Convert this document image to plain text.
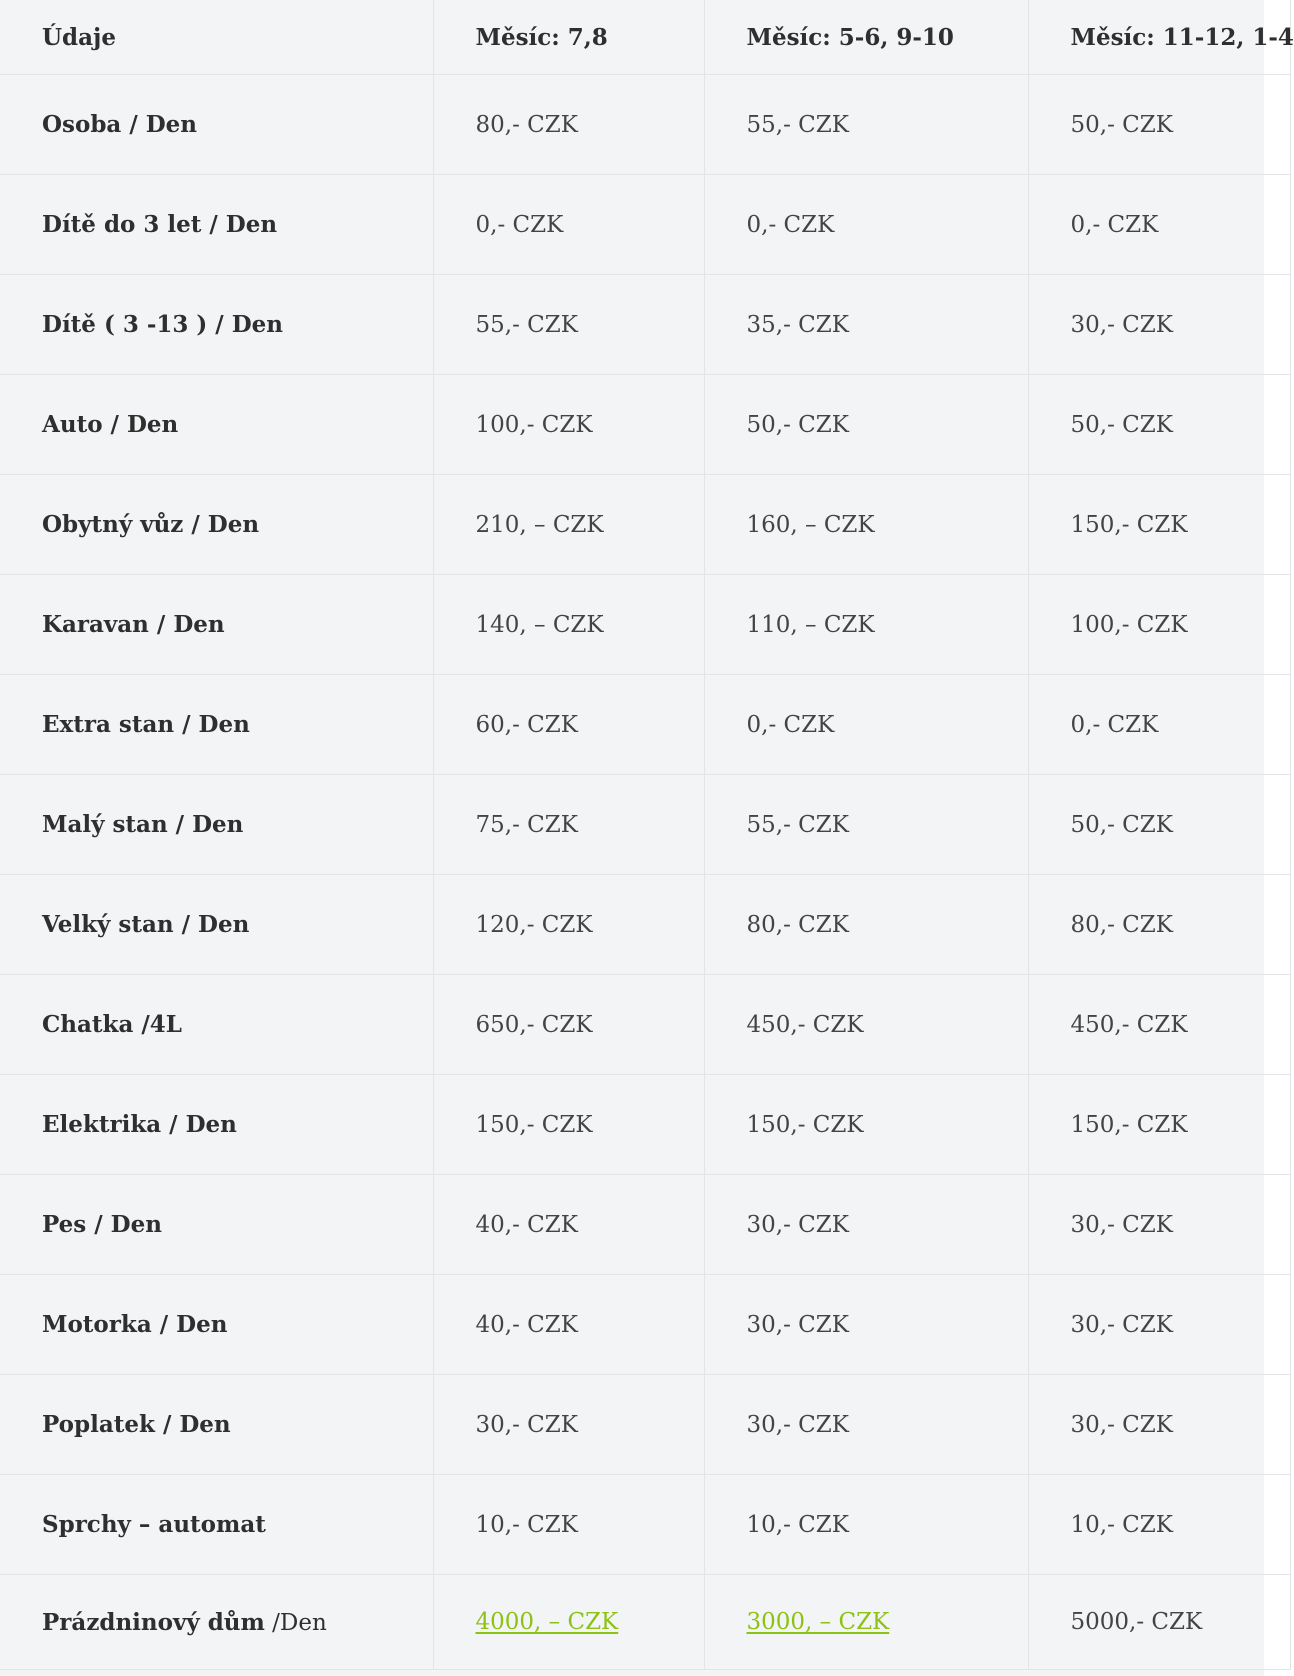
Údaje	Měsíc: 7,8	Měsíc: 5-6, 9-10	Měsíc: 11-12, 1-4
Osoba / Den	80,- CZK	55,- CZK	50,- CZK
Dítě do 3 let / Den	0,- CZK	0,- CZK	0,- CZK
Dítě ( 3 -13 ) / Den	55,- CZK	35,- CZK	30,- CZK
Auto / Den	100,- CZK	50,- CZK	50,- CZK
Obytný vůz / Den	210, – CZK	160, – CZK	150,- CZK
Karavan / Den	140, – CZK	110, – CZK	100,- CZK
Extra stan / Den	60,- CZK	0,- CZK	0,- CZK
Malý stan / Den	75,- CZK	55,- CZK	50,- CZK
Velký stan / Den	120,- CZK	80,- CZK	80,- CZK
Chatka /4L	650,- CZK	450,- CZK	450,- CZK
Elektrika / Den	150,- CZK	150,- CZK	150,- CZK
Pes / Den	40,- CZK	30,- CZK	30,- CZK
Motorka / Den	40,- CZK	30,- CZK	30,- CZK
Poplatek / Den	30,- CZK	30,- CZK	30,- CZK
Sprchy – automat	10,- CZK	10,- CZK	10,- CZK
Prázdninový dům /Den	4000, – CZK	3000, – CZK	5000,- CZK
